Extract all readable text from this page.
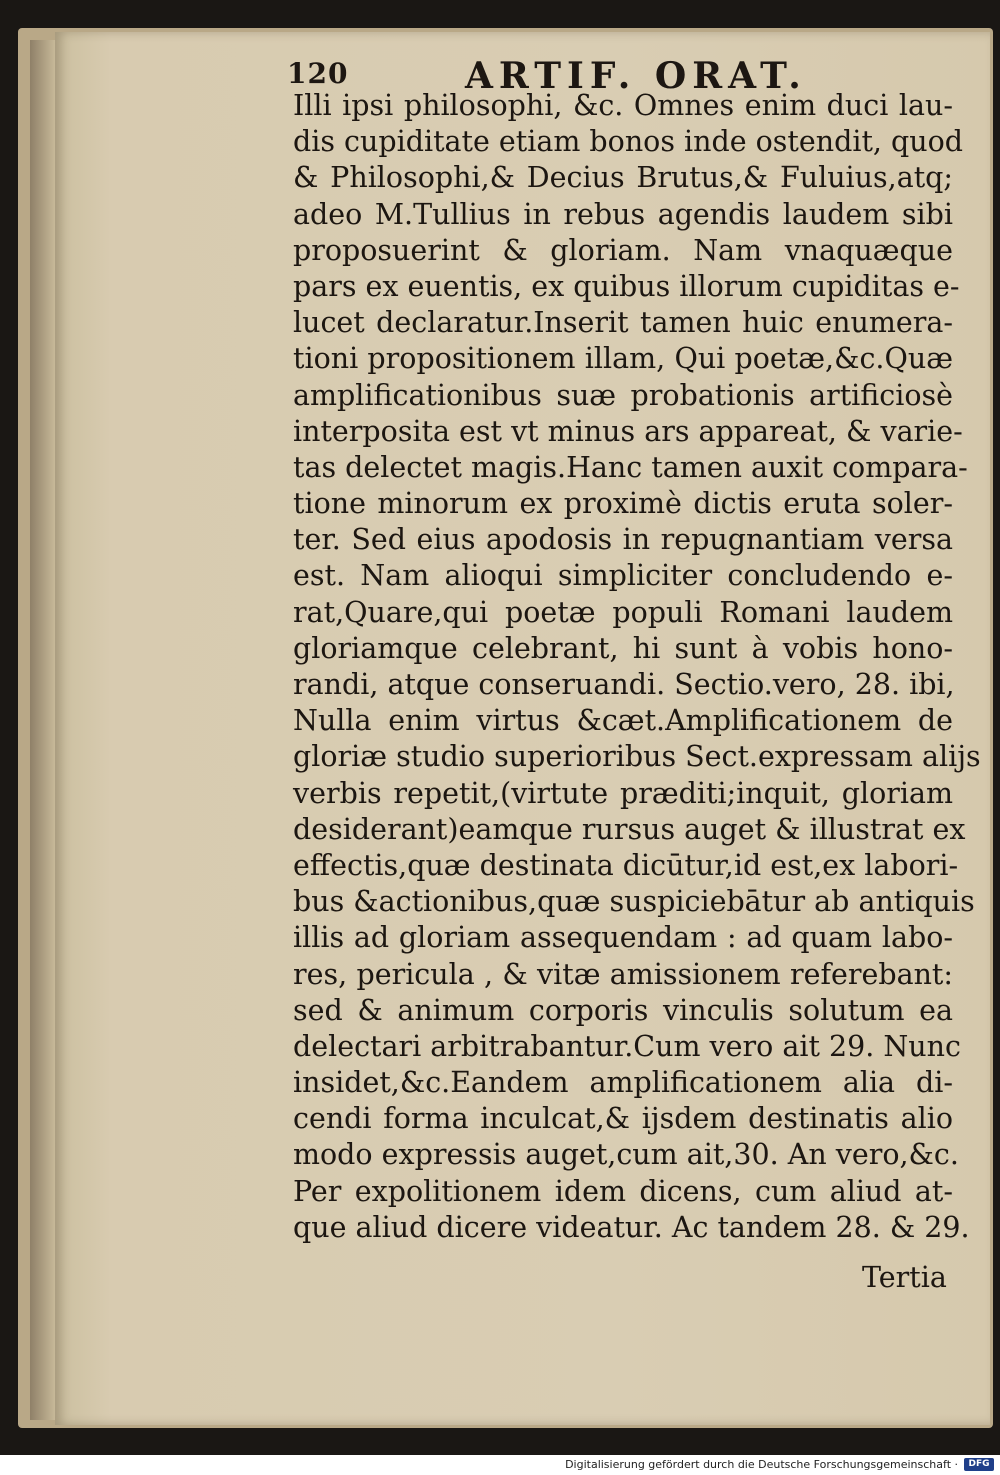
120	ARTIF. ORAT.
Illi ipsi philosophi, &c. Omnes enim duci lau-
dis cupiditate etiam bonos inde ostendit, quod
& Philosophi,& Decius Brutus,& Fuluius,atq;
adeo M.Tullius in rebus agendis laudem sibi
proposuerint & gloriam. Nam vnaquæque
pars ex euentis, ex quibus illorum cupiditas e-
lucet declaratur.Inserit tamen huic enumera-
tioni propositionem illam, Qui poetæ,&c.Quæ
amplificationibus suæ probationis artificiosè
interposita est vt minus ars appareat, & varie-
tas delectet magis.Hanc tamen auxit compara-
tione minorum ex proximè dictis eruta soler-
ter. Sed eius apodosis in repugnantiam versa
est. Nam alioqui simpliciter concludendo e-
rat,Quare,qui poetæ populi Romani laudem
gloriamque celebrant, hi sunt à vobis hono-
randi, atque conseruandi. Sectio.vero, 28. ibi,
Nulla enim virtus &cæt.Amplificationem de
gloriæ studio superioribus Sect.expressam alijs
verbis repetit,(virtute præditi;inquit, gloriam
desiderant)eamque rursus auget & illustrat ex
effectis,quæ destinata dicūtur,id est,ex labori-
bus &actionibus,quæ suspiciebātur ab antiquis
illis ad gloriam assequendam : ad quam labo-
res, pericula , & vitæ amissionem referebant:
sed & animum corporis vinculis solutum ea
delectari arbitrabantur.Cum vero ait 29. Nunc
insidet,&c.Eandem amplificationem alia di-
cendi forma inculcat,& ijsdem destinatis alio
modo expressis auget,cum ait,30. An vero,&c.
Per expolitionem idem dicens, cum aliud at-
que aliud dicere videatur. Ac tandem 28. & 29.
Tertia
Digitalisierung gefördert durch die Deutsche Forschungsgemeinschaft ·	DFG
